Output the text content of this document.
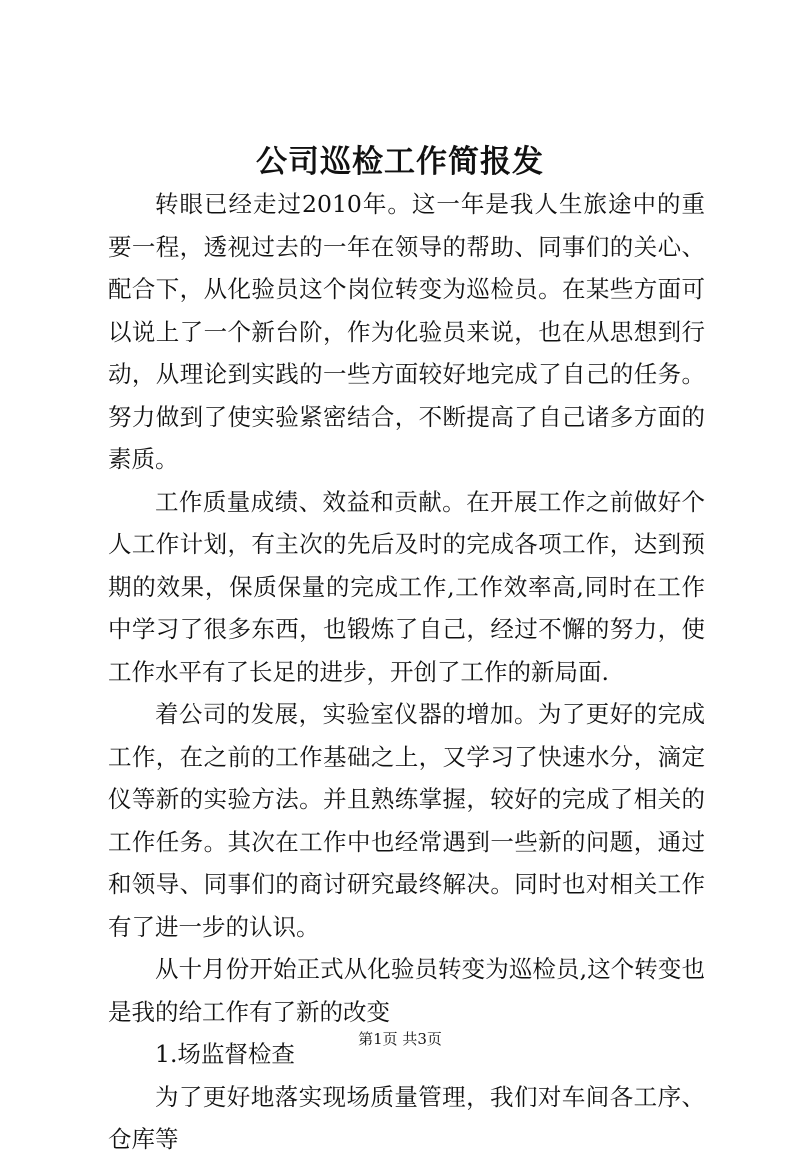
公司巡检工作简报发

转眼已经走过2010年。这一年是我人生旅途中的重要一程，透视过去的一年在领导的帮助、同事们的关心、配合下，从化验员这个岗位转变为巡检员。在某些方面可以说上了一个新台阶，作为化验员来说，也在从思想到行动，从理论到实践的一些方面较好地完成了自己的任务。努力做到了使实验紧密结合，不断提高了自己诸多方面的素质。

工作质量成绩、效益和贡献。在开展工作之前做好个人工作计划，有主次的先后及时的完成各项工作，达到预期的效果，保质保量的完成工作,工作效率高,同时在工作中学习了很多东西，也锻炼了自己，经过不懈的努力，使工作水平有了长足的进步，开创了工作的新局面.

着公司的发展，实验室仪器的增加。为了更好的完成工作，在之前的工作基础之上，又学习了快速水分，滴定仪等新的实验方法。并且熟练掌握，较好的完成了相关的工作任务。其次在工作中也经常遇到一些新的问题，通过和领导、同事们的商讨研究最终解决。同时也对相关工作有了进一步的认识。

从十月份开始正式从化验员转变为巡检员,这个转变也是我的给工作有了新的改变

1.场监督检查

为了更好地落实现场质量管理，我们对车间各工序、仓库等

第1页 共3页
